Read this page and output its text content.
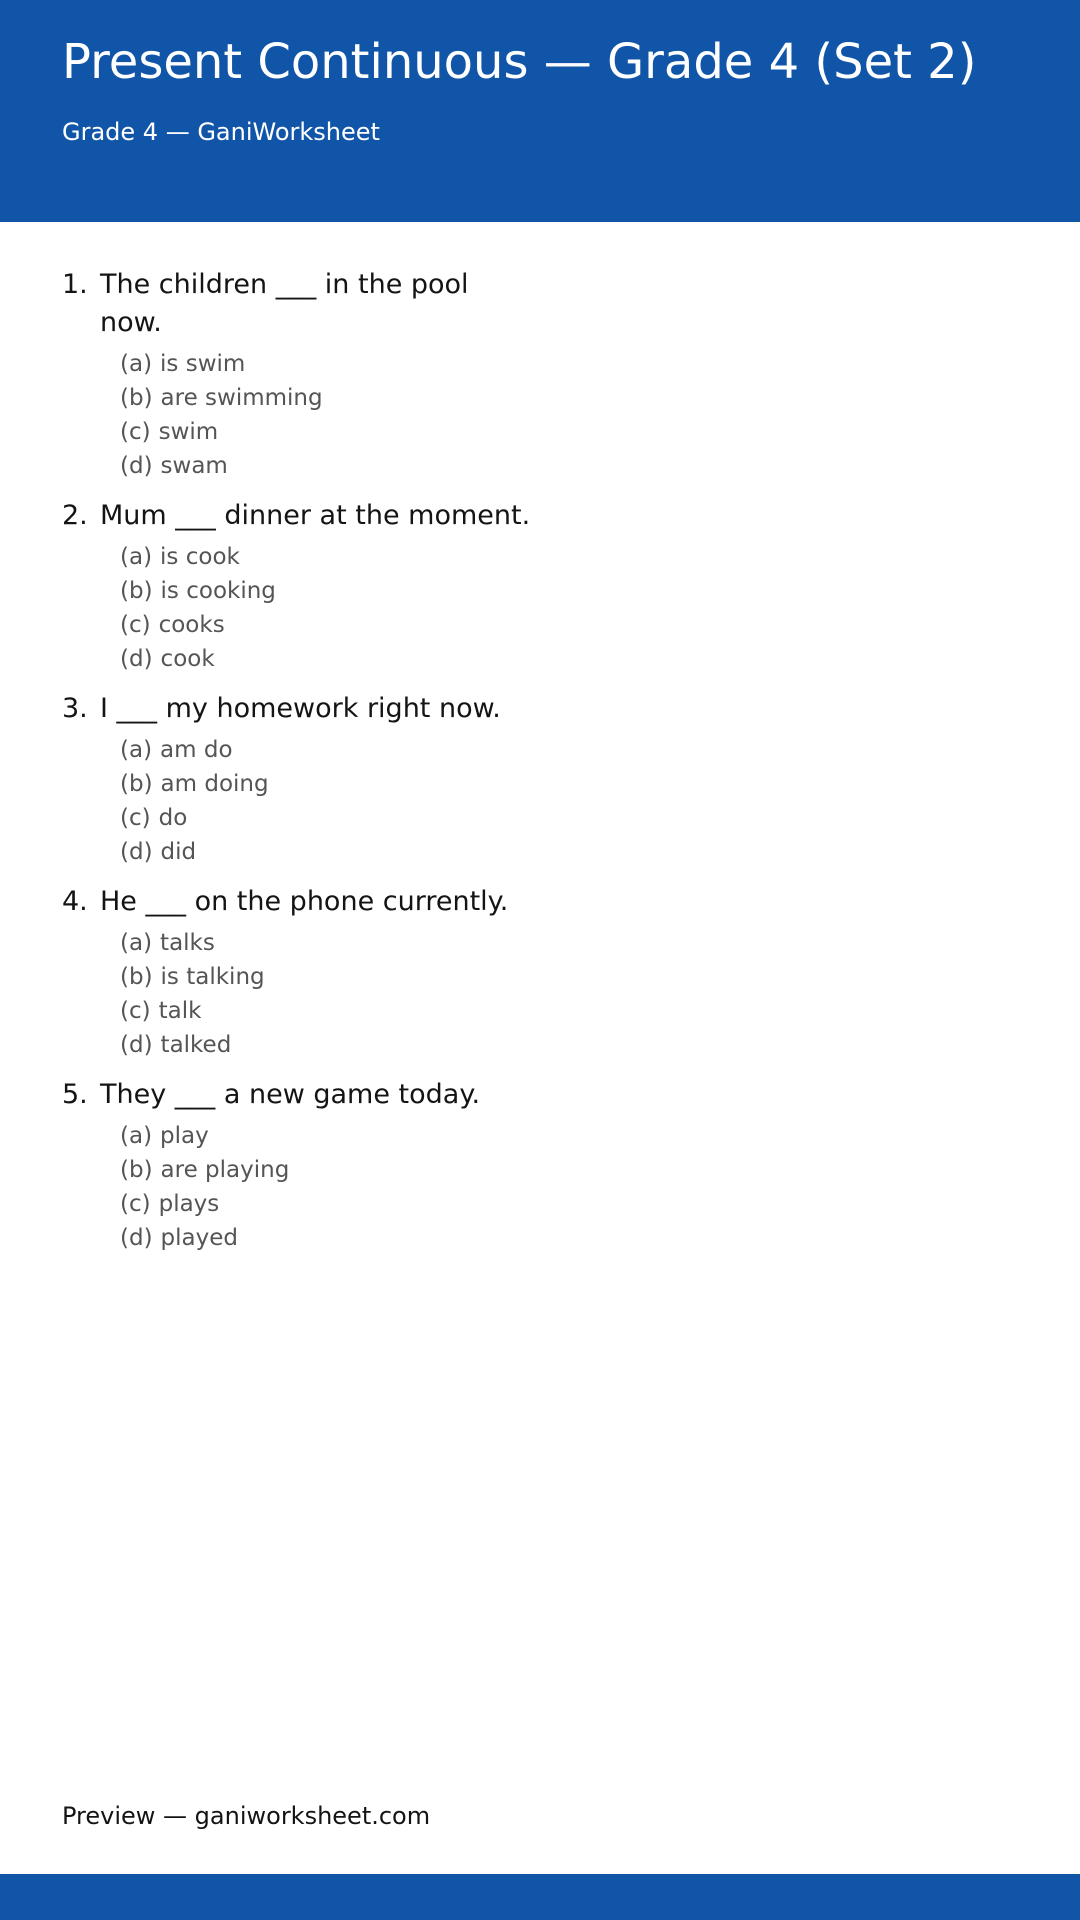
Present Continuous — Grade 4 (Set 2)
Grade 4 — GaniWorksheet
1. The children ___ in the pool
now.
(a) is swim
(b) are swimming
(c) swim
(d) swam
2. Mum ___ dinner at the moment.
(a) is cook
(b) is cooking
(c) cooks
(d) cook
3. I ___ my homework right now.
(a) am do
(b) am doing
(c) do
(d) did
4. He ___ on the phone currently.
(a) talks
(b) is talking
(c) talk
(d) talked
5. They ___ a new game today.
(a) play
(b) are playing
(c) plays
(d) played
Preview — ganiworksheet.com
